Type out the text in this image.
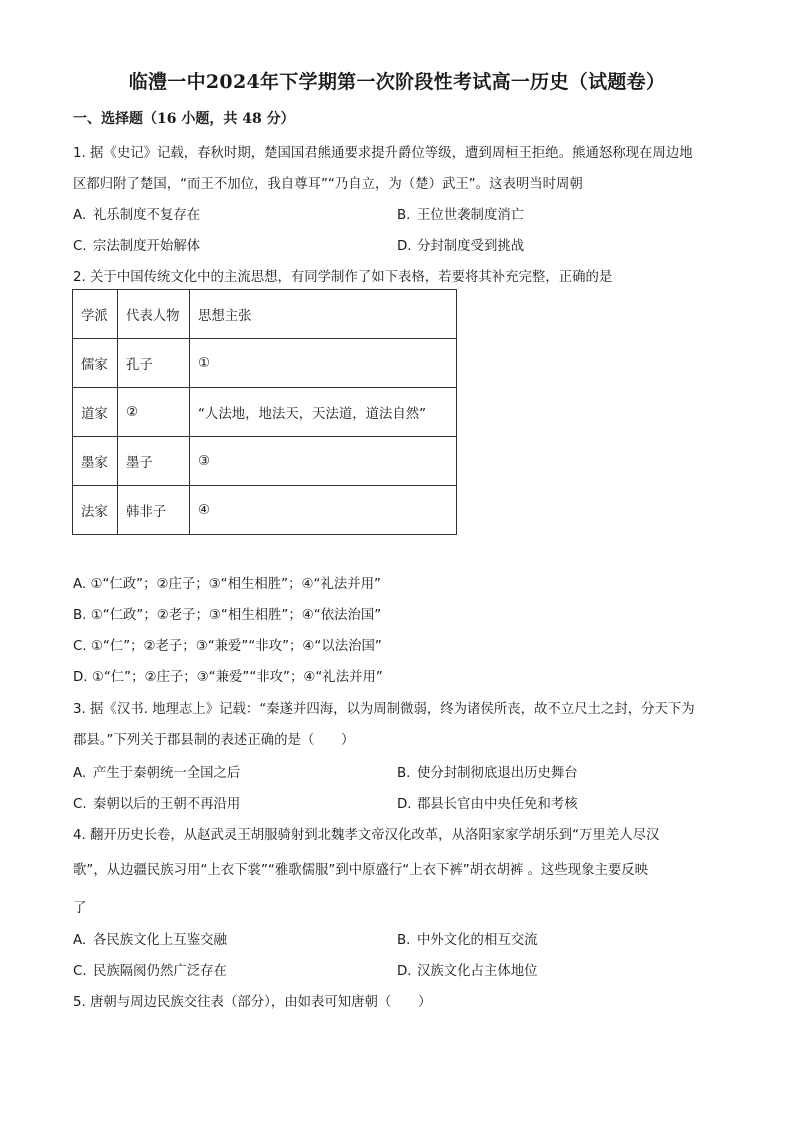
临澧一中2024年下学期第一次阶段性考试高一历史（试题卷）
一、选择题（16 小题，共 48 分）
1. 据《史记》记载，春秋时期，楚国国君熊通要求提升爵位等级，遭到周桓王拒绝。熊通怒称现在周边地
区都归附了楚国，“而王不加位，我自尊耳”“乃自立，为（楚）武王”。这表明当时周朝
A. 礼乐制度不复存在	B. 王位世袭制度消亡
C. 宗法制度开始解体	D. 分封制度受到挑战
2. 关于中国传统文化中的主流思想，有同学制作了如下表格，若要将其补充完整，正确的是
学派	代表人物	思想主张
儒家	孔子	①
道家	②	“人法地，地法天，天法道，道法自然”
墨家	墨子	③
法家	韩非子	④
A. ①“仁政”；②庄子；③“相生相胜”；④“礼法并用”
B. ①“仁政”；②老子；③“相生相胜”；④“依法治国”
C. ①“仁”；②老子；③“兼爱”“非攻”；④“以法治国”
D. ①“仁”；②庄子；③“兼爱”“非攻”；④“礼法并用”
3. 据《汉书. 地理志上》记载：“秦遂并四海，以为周制微弱，终为诸侯所丧，故不立尺土之封，分天下为
郡县。”下列关于郡县制的表述正确的是（　　）
A. 产生于秦朝统一全国之后	B. 使分封制彻底退出历史舞台
C. 秦朝以后的王朝不再沿用	D. 郡县长官由中央任免和考核
4. 翻开历史长卷，从赵武灵王胡服骑射到北魏孝文帝汉化改革，从洛阳家家学胡乐到“万里羌人尽汉
歌”，从边疆民族习用“上衣下裳”“雅歌儒服”到中原盛行“上衣下裤”胡衣胡裤 。这些现象主要反映
了
A. 各民族文化上互鉴交融	B. 中外文化的相互交流
C. 民族隔阂仍然广泛存在	D. 汉族文化占主体地位
5. 唐朝与周边民族交往表（部分），由如表可知唐朝（　　）
